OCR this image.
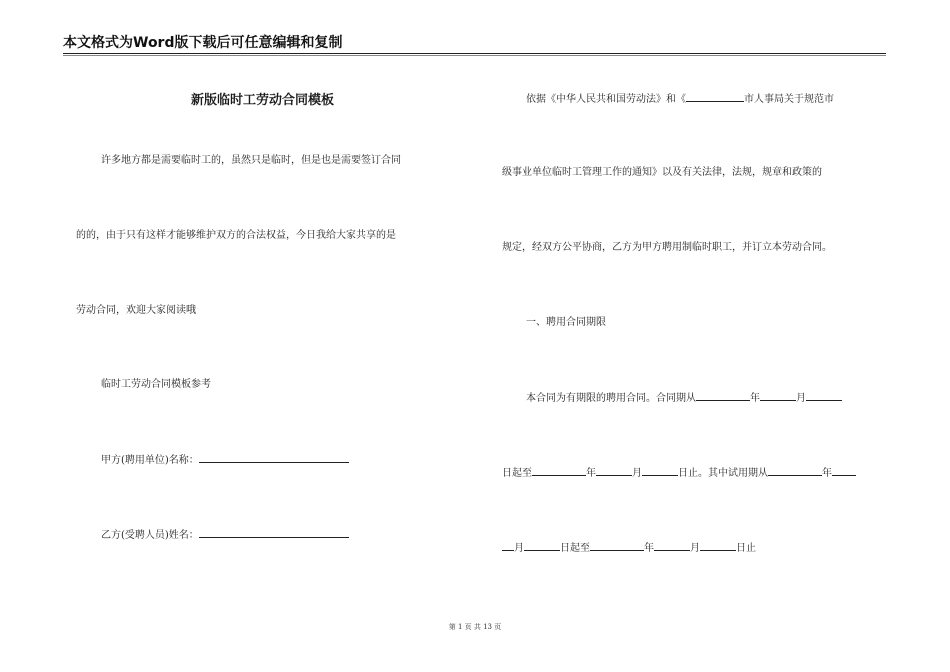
本文格式为Word版下载后可任意编辑和复制
新版临时工劳动合同模板
许多地方都是需要临时工的，虽然只是临时，但是也是需要签订合同
的的，由于只有这样才能够维护双方的合法权益，今日我给大家共享的是
劳动合同，欢迎大家阅读哦
临时工劳动合同模板参考
甲方(聘用单位)名称：
乙方(受聘人员)姓名：
依据《中华人民共和国劳动法》和《	市人事局关于规范市
级事业单位临时工管理工作的通知》以及有关法律，法规，规章和政策的
规定，经双方公平协商，乙方为甲方聘用制临时职工，并订立本劳动合同。
一、聘用合同期限
本合同为有期限的聘用合同。合同期从	年	月
日起至	年	月	日止。其中试用期从	年
月	日起至	年	月	日止
第 1 页 共 13 页
